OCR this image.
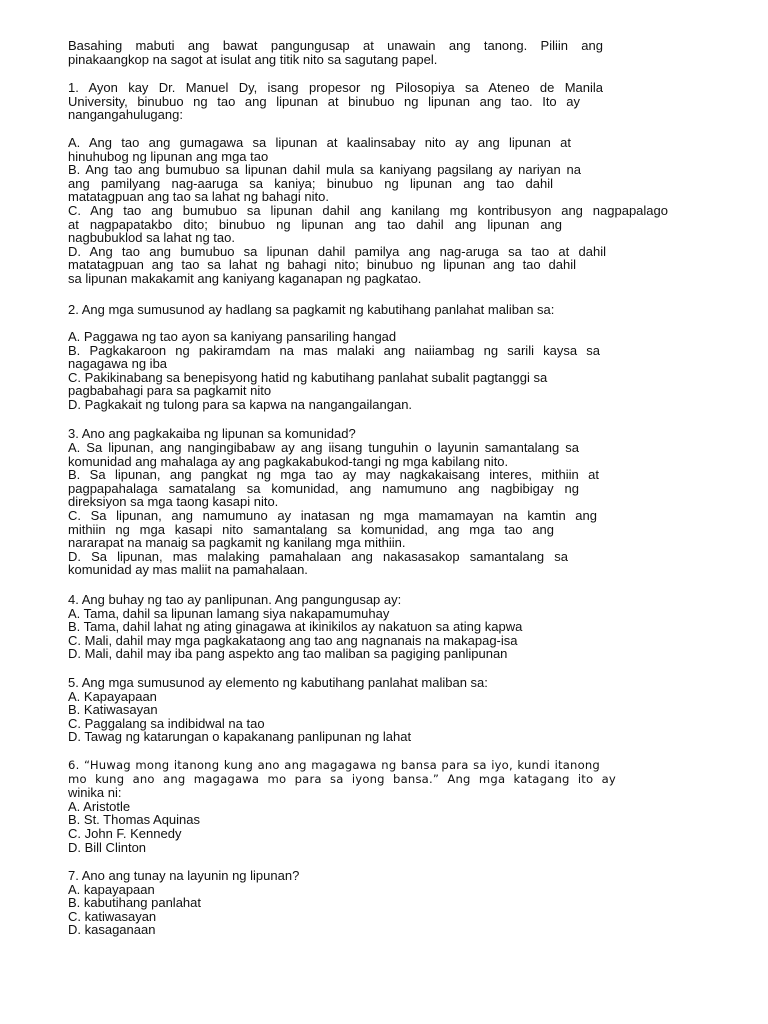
Basahing mabuti ang bawat pangungusap at unawain ang tanong. Piliin ang
pinakaangkop na sagot at isulat ang titik nito sa sagutang papel.
1. Ayon kay Dr. Manuel Dy, isang propesor ng Pilosopiya sa Ateneo de Manila
University, binubuo ng tao ang lipunan at binubuo ng lipunan ang tao. Ito ay
nangangahulugang:
A. Ang tao ang gumagawa sa lipunan at kaalinsabay nito ay ang lipunan at
hinuhubog ng lipunan ang mga tao
B. Ang tao ang bumubuo sa lipunan dahil mula sa kaniyang pagsilang ay nariyan na
ang pamilyang nag-aaruga sa kaniya; binubuo ng lipunan ang tao dahil
matatagpuan ang tao sa lahat ng bahagi nito.
C. Ang tao ang bumubuo sa lipunan dahil ang kanilang mg kontribusyon ang nagpapalago
at nagpapatakbo dito; binubuo ng lipunan ang tao dahil ang lipunan ang
nagbubuklod sa lahat ng tao.
D. Ang tao ang bumubuo sa lipunan dahil pamilya ang nag-aruga sa tao at dahil
matatagpuan ang tao sa lahat ng bahagi nito; binubuo ng lipunan ang tao dahil
sa lipunan makakamit ang kaniyang kaganapan ng pagkatao.
2. Ang mga sumusunod ay hadlang sa pagkamit ng kabutihang panlahat maliban sa:
A. Paggawa ng tao ayon sa kaniyang pansariling hangad
B. Pagkakaroon ng pakiramdam na mas malaki ang naiiambag ng sarili kaysa sa
nagagawa ng iba
C. Pakikinabang sa benepisyong hatid ng kabutihang panlahat subalit pagtanggi sa
pagbabahagi para sa pagkamit nito
D. Pagkakait ng tulong para sa kapwa na nangangailangan.
3. Ano ang pagkakaiba ng lipunan sa komunidad?
A. Sa lipunan, ang nangingibabaw ay ang iisang tunguhin o layunin samantalang sa
komunidad ang mahalaga ay ang pagkakabukod-tangi ng mga kabilang nito.
B. Sa lipunan, ang pangkat ng mga tao ay may nagkakaisang interes, mithiin at
pagpapahalaga samatalang sa komunidad, ang namumuno ang nagbibigay ng
direksiyon sa mga taong kasapi nito.
C. Sa lipunan, ang namumuno ay inatasan ng mga mamamayan na kamtin ang
mithiin ng mga kasapi nito samantalang sa komunidad, ang mga tao ang
nararapat na manaig sa pagkamit ng kanilang mga mithiin.
D. Sa lipunan, mas malaking pamahalaan ang nakasasakop samantalang sa
komunidad ay mas maliit na pamahalaan.
4. Ang buhay ng tao ay panlipunan. Ang pangungusap ay:
A. Tama, dahil sa lipunan lamang siya nakapamumuhay
B. Tama, dahil lahat ng ating ginagawa at ikinikilos ay nakatuon sa ating kapwa
C. Mali, dahil may mga pagkakataong ang tao ang nagnanais na makapag-isa
D. Mali, dahil may iba pang aspekto ang tao maliban sa pagiging panlipunan
5. Ang mga sumusunod ay elemento ng kabutihang panlahat maliban sa:
A. Kapayapaan
B. Katiwasayan
C. Paggalang sa indibidwal na tao
D. Tawag ng katarungan o kapakanang panlipunan ng lahat
6. “Huwag mong itanong kung ano ang magagawa ng bansa para sa iyo, kundi itanong
mo kung ano ang magagawa mo para sa iyong bansa.” Ang mga katagang ito ay
winika ni:
A. Aristotle
B. St. Thomas Aquinas
C. John F. Kennedy
D. Bill Clinton
7. Ano ang tunay na layunin ng lipunan?
A. kapayapaan
B. kabutihang panlahat
C. katiwasayan
D. kasaganaan
